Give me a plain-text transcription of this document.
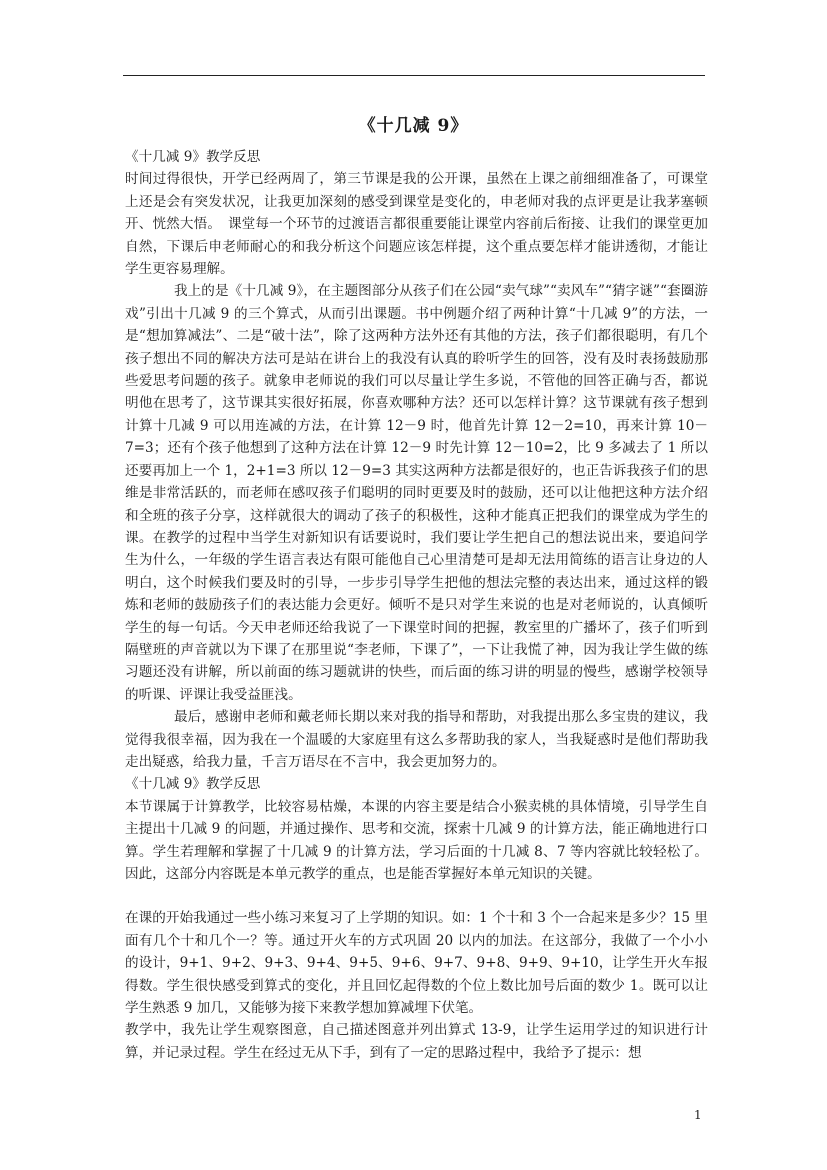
《十几减 9》

《十几减 9》教学反思

时间过得很快，开学已经两周了，第三节课是我的公开课，虽然在上课之前细细准备了，可课堂上还是会有突发状况，让我更加深刻的感受到课堂是变化的，申老师对我的点评更是让我茅塞顿开、恍然大悟。　课堂每一个环节的过渡语言都很重要能让课堂内容前后衔接、让我们的课堂更加自然，下课后申老师耐心的和我分析这个问题应该怎样提，这个重点要怎样才能讲透彻，才能让学生更容易理解。

我上的是《十几减 9》，在主题图部分从孩子们在公园“卖气球”“卖风车”“猜字谜”“套圈游戏”引出十几减 9 的三个算式，从而引出课题。书中例题介绍了两种计算“十几减 9”的方法，一是“想加算减法”、二是“破十法”，除了这两种方法外还有其他的方法，孩子们都很聪明，有几个孩子想出不同的解决方法可是站在讲台上的我没有认真的聆听学生的回答，没有及时表扬鼓励那些爱思考问题的孩子。就象申老师说的我们可以尽量让学生多说，不管他的回答正确与否，都说明他在思考了，这节课其实很好拓展，你喜欢哪种方法？还可以怎样计算？这节课就有孩子想到计算十几减 9 可以用连减的方法，在计算 12－9 时，他首先计算 12－2=10，再来计算 10－7=3；还有个孩子他想到了这种方法在计算 12－9 时先计算 12－10=2，比 9 多减去了 1 所以还要再加上一个 1，2+1=3 所以 12－9=3 其实这两种方法都是很好的，也正告诉我孩子们的思维是非常活跃的，而老师在感叹孩子们聪明的同时更要及时的鼓励，还可以让他把这种方法介绍和全班的孩子分享，这样就很大的调动了孩子的积极性，这种才能真正把我们的课堂成为学生的课。在教学的过程中当学生对新知识有话要说时，我们要让学生把自己的想法说出来，要追问学生为什么，一年级的学生语言表达有限可能他自己心里清楚可是却无法用简练的语言让身边的人明白，这个时候我们要及时的引导，一步步引导学生把他的想法完整的表达出来，通过这样的锻炼和老师的鼓励孩子们的表达能力会更好。倾听不是只对学生来说的也是对老师说的，认真倾听学生的每一句话。今天申老师还给我说了一下课堂时间的把握，教室里的广播坏了，孩子们听到隔壁班的声音就以为下课了在那里说“李老师，下课了”，一下让我慌了神，因为我让学生做的练习题还没有讲解，所以前面的练习题就讲的快些，而后面的练习讲的明显的慢些，感谢学校领导的听课、评课让我受益匪浅。

最后，感谢申老师和戴老师长期以来对我的指导和帮助，对我提出那么多宝贵的建议，我觉得我很幸福，因为我在一个温暖的大家庭里有这么多帮助我的家人，当我疑惑时是他们帮助我走出疑惑，给我力量，千言万语尽在不言中，我会更加努力的。

《十几减 9》教学反思

本节课属于计算教学，比较容易枯燥，本课的内容主要是结合小猴卖桃的具体情境，引导学生自主提出十几减 9 的问题，并通过操作、思考和交流，探索十几减 9 的计算方法，能正确地进行口算。学生若理解和掌握了十几减 9 的计算方法，学习后面的十几减 8、7 等内容就比较轻松了。因此，这部分内容既是本单元教学的重点，也是能否掌握好本单元知识的关键。

在课的开始我通过一些小练习来复习了上学期的知识。如：1 个十和 3 个一合起来是多少？15 里面有几个十和几个一？等。通过开火车的方式巩固 20 以内的加法。在这部分，我做了一个小小的设计，9+1、9+2、9+3、9+4、9+5、9+6、9+7、9+8、9+9、9+10，让学生开火车报得数。学生很快感受到算式的变化，并且回忆起得数的个位上数比加号后面的数少 1。既可以让学生熟悉 9 加几，又能够为接下来教学想加算减埋下伏笔。

教学中，我先让学生观察图意，自己描述图意并列出算式 13-9，让学生运用学过的知识进行计算，并记录过程。学生在经过无从下手，到有了一定的思路过程中，我给予了提示：想

1
